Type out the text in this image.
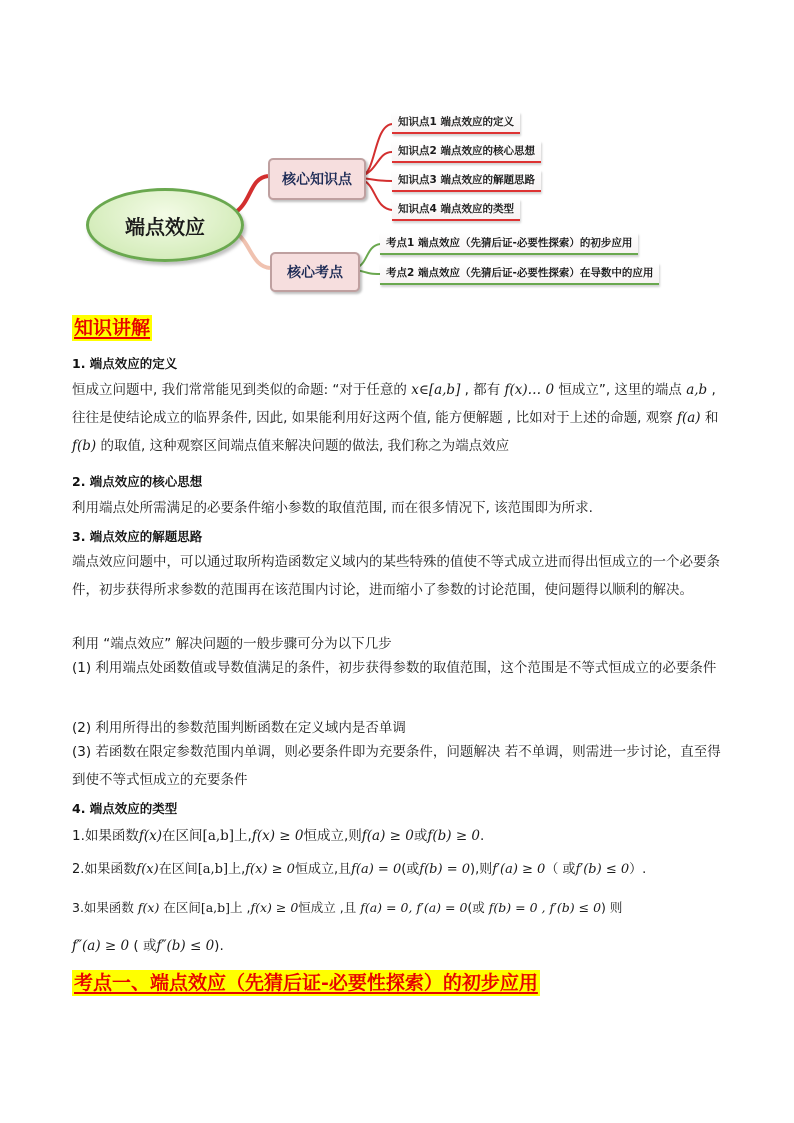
端点效应
核心知识点
核心考点
知识点1 端点效应的定义
知识点2 端点效应的核心思想
知识点3 端点效应的解题思路
知识点4 端点效应的类型
考点1 端点效应（先猜后证-必要性探索）的初步应用
考点2 端点效应（先猜后证-必要性探索）在导数中的应用
知识讲解
1. 端点效应的定义
恒成立问题中, 我们常常能见到类似的命题: “对于任意的 x∈[a,b] , 都有 f(x)… 0 恒成立”, 这里的端点 a,b , 往往是使结论成立的临界条件, 因此, 如果能利用好这两个值, 能方便解题 , 比如对于上述的命题, 观察 f(a) 和 f(b) 的取值, 这种观察区间端点值来解决问题的做法, 我们称之为端点效应
2. 端点效应的核心思想
利用端点处所需满足的必要条件缩小参数的取值范围, 而在很多情况下, 该范围即为所求.
3. 端点效应的解题思路
端点效应问题中，可以通过取所构造函数定义域内的某些特殊的值使不等式成立进而得出恒成立的一个必要条件，初步获得所求参数的范围再在该范围内讨论，进而缩小了参数的讨论范围，使问题得以顺利的解决。
利用 “端点效应” 解决问题的一般步骤可分为以下几步
(1) 利用端点处函数值或导数值满足的条件，初步获得参数的取值范围，这个范围是不等式恒成立的必要条件
(2) 利用所得出的参数范围判断函数在定义域内是否单调
(3) 若函数在限定参数范围内单调，则必要条件即为充要条件，问题解决 若不单调，则需进一步讨论，直至得到使不等式恒成立的充要条件
4. 端点效应的类型
1.如果函数f(x)在区间[a,b]上,f(x) ≥ 0恒成立,则f(a) ≥ 0或f(b) ≥ 0.
2.如果函数f(x)在区间[a,b]上,f(x) ≥ 0恒成立,且f(a) = 0(或f(b) = 0),则f′(a) ≥ 0（ 或f′(b) ≤ 0）.
3.如果函数 f(x) 在区间[a,b]上 ,f(x) ≥ 0恒成立 ,且 f(a) = 0, f′(a) = 0(或 f(b) = 0 , f′(b) ≤ 0) 则
f″(a) ≥ 0 ( 或f″(b) ≤ 0).
考点一、端点效应（先猜后证-必要性探索）的初步应用
